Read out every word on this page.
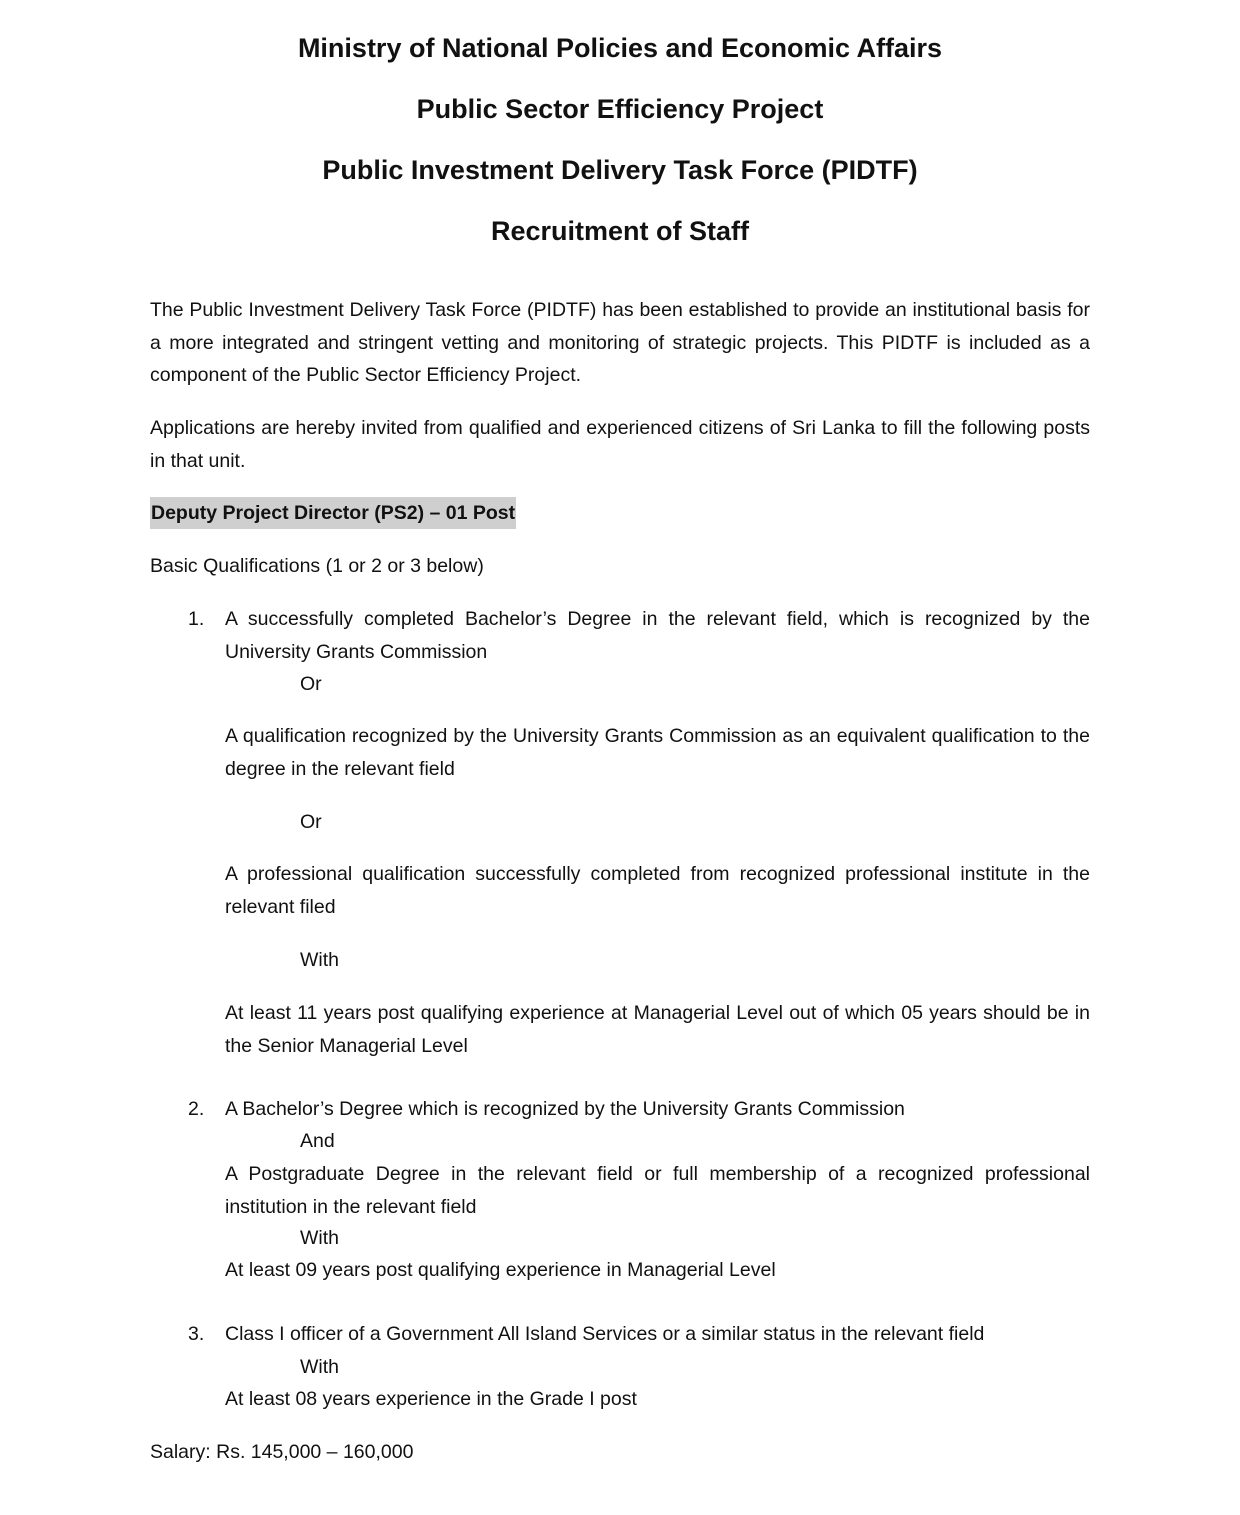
Ministry of National Policies and Economic Affairs
Public Sector Efficiency Project
Public Investment Delivery Task Force (PIDTF)
Recruitment of Staff
The Public Investment Delivery Task Force (PIDTF) has been established to provide an institutional basis for a more integrated and stringent vetting and monitoring of strategic projects. This PIDTF is included as a component of the Public Sector Efficiency Project.
Applications are hereby invited from qualified and experienced citizens of Sri Lanka to fill the following posts in that unit.
Deputy Project Director (PS2) – 01 Post
Basic Qualifications (1 or 2 or 3 below)
1. A successfully completed Bachelor’s Degree in the relevant field, which is recognized by the University Grants Commission
Or
A qualification recognized by the University Grants Commission as an equivalent qualification to the degree in the relevant field
Or
A professional qualification successfully completed from recognized professional institute in the relevant filed
With
At least 11 years post qualifying experience at Managerial Level out of which 05 years should be in the Senior Managerial Level
2. A Bachelor’s Degree which is recognized by the University Grants Commission
And
A Postgraduate Degree in the relevant field or full membership of a recognized professional institution in the relevant field
With
At least 09 years post qualifying experience in Managerial Level
3. Class I officer of a Government All Island Services or a similar status in the relevant field
With
At least 08 years experience in the Grade I post
Salary: Rs. 145,000 – 160,000
